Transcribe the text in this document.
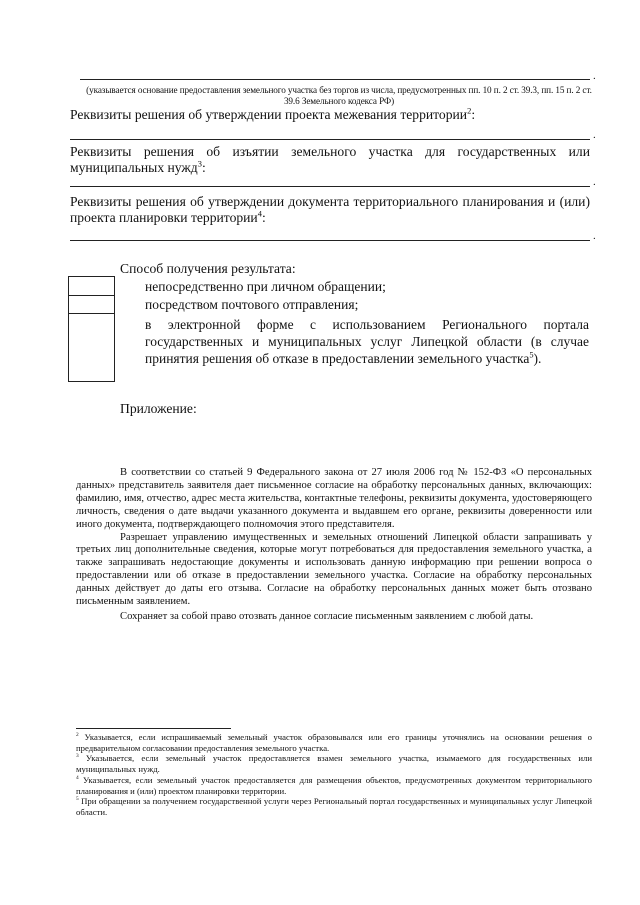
.
(указывается основание предоставления земельного участка без торгов из числа, предусмотренных пп. 10 п. 2 ст. 39.3, пп. 15 п. 2 ст. 39.6 Земельного кодекса РФ)
Реквизиты решения об утверждении проекта межевания территории$^2$:
.
Реквизиты решения об изъятии земельного участка для государственных или муниципальных нужд$^3$:
.
Реквизиты решения об утверждении документа территориального планирования и (или) проекта планировки территории$^4$:
.
Способ получения результата:
непосредственно при личном обращении;
посредством почтового отправления;
в электронной форме с использованием Регионального портала государственных и муниципальных услуг Липецкой области (в случае принятия решения об отказе в предоставлении земельного участка$^5$).
Приложение:

В соответствии со статьей 9 Федерального закона от 27 июля 2006 год № 152-ФЗ «О персональных данных» представитель заявителя дает письменное согласие на обработку персональных данных, включающих: фамилию, имя, отчество, адрес места жительства, контактные телефоны, реквизиты документа, удостоверяющего личность, сведения о дате выдачи указанного документа и выдавшем его органе, реквизиты доверенности или иного документа, подтверждающего полномочия этого представителя.

Разрешает управлению имущественных и земельных отношений Липецкой области запрашивать у третьих лиц дополнительные сведения, которые могут потребоваться для предоставления земельного участка, а также запрашивать недостающие документы и использовать данную информацию при решении вопроса о предоставлении или об отказе в предоставлении земельного участка. Согласие на обработку персональных данных действует до даты его отзыва. Согласие на обработку персональных данных может быть отозвано письменным заявлением.

Сохраняет за собой право отозвать данное согласие письменным заявлением с любой даты.

$^2$ Указывается, если испрашиваемый земельный участок образовывался или его границы уточнялись на основании решения о предварительном согласовании предоставления земельного участка.
$^3$ Указывается, если земельный участок предоставляется взамен земельного участка, изымаемого для государственных или муниципальных нужд.
$^4$ Указывается, если земельный участок предоставляется для размещения объектов, предусмотренных документом территориального планирования и (или) проектом планировки территории.
$^5$ При обращении за получением государственной услуги через Региональный портал государственных и муниципальных услуг Липецкой области.
